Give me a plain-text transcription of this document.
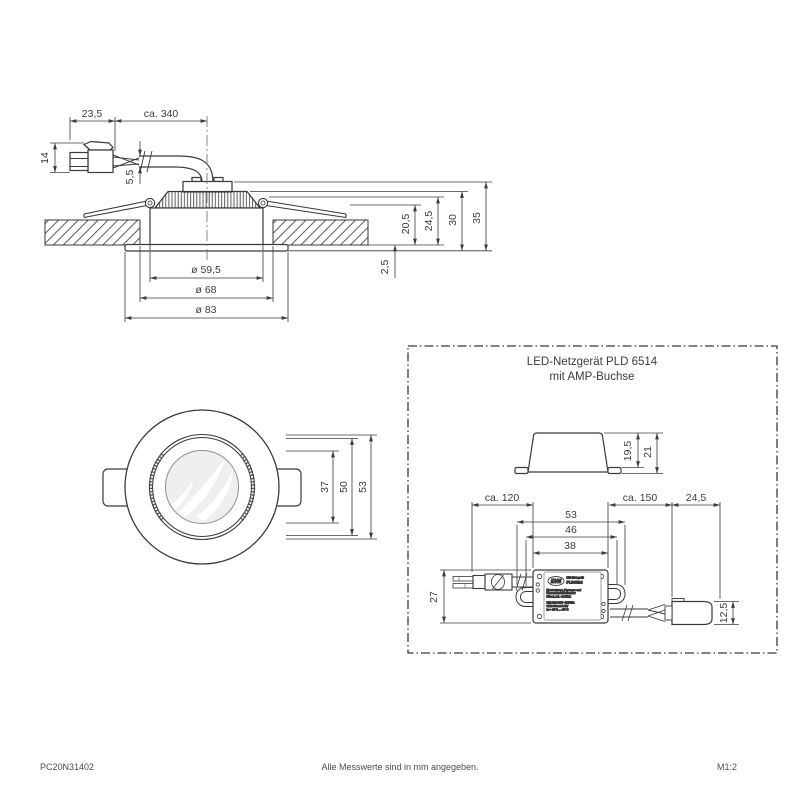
23,5	ca. 340
14
5,5
20,5 24,5 30 35
2,5
ø 59,5
ø 68
ø 83
37 50 53
LED-Netzgerät PLD 6514
mit AMP-Buchse
19,5 21
EVN
LED-Netzgerät
PLD6514
Konstantstrom, Phasenan- und
Phasenabschnitt dimmbar
350mA, 2.1 - 8.2 Watt
PRI: 220-240V~ 50/60Hz
SEC: 350mA 6-12V
ta = -20°C ... +50°C
ca. 120
53
46
38
ca. 150	24,5
27
12,5
PC20N31402	Alle Messwerte sind in mm angegeben.	M1:2
